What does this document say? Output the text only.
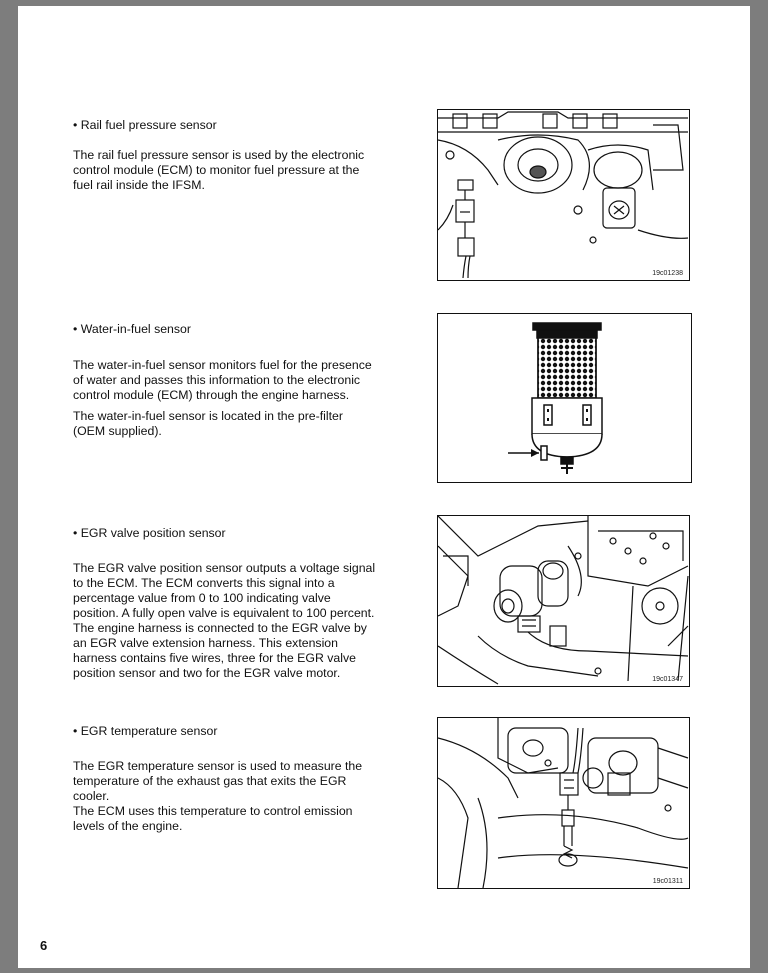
• Rail fuel pressure sensor

The rail fuel pressure sensor is used by the electronic control module (ECM) to monitor fuel pressure at the fuel rail inside the IFSM.

• Water-in-fuel sensor

The water-in-fuel sensor monitors fuel for the presence of water and passes this information to the electronic control module (ECM) through the engine harness.

The water-in-fuel sensor is located in the pre-filter (OEM supplied).

• EGR valve position sensor

The EGR valve position sensor outputs a voltage signal to the ECM. The ECM converts this signal into a percentage value from 0 to 100 indicating valve position. A fully open valve is equivalent to 100 percent. The engine harness is connected to the EGR valve by an EGR valve extension harness. This extension harness contains five wires, three for the EGR valve position sensor and two for the EGR valve motor.

• EGR temperature sensor

The EGR temperature sensor is used to measure the temperature of the exhaust gas that exits the EGR cooler.

The ECM uses this temperature to control emission levels of the engine.

19c01238
19c01347
19c01311
6
